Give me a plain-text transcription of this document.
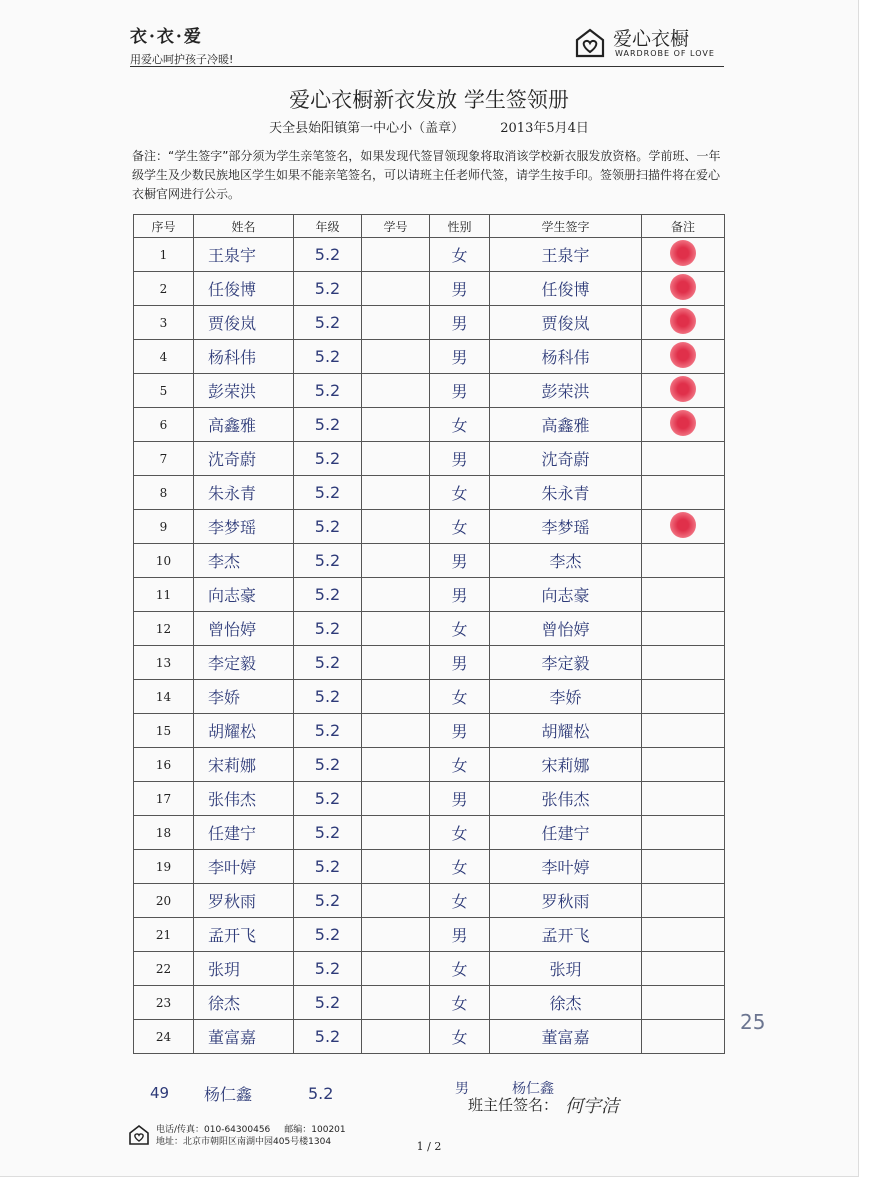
衣·衣·爱
用爱心呵护孩子冷暖!
爱心衣橱
WARDROBE OF LOVE
爱心衣橱新衣发放 学生签领册
天全县始阳镇第一中心小（盖章）	2013年5月4日
备注：“学生签字”部分须为学生亲笔签名，如果发现代签冒领现象将取消该学校新衣服发放资格。学前班、一年级学生及少数民族地区学生如果不能亲笔签名，可以请班主任老师代签，请学生按手印。签领册扫描件将在爱心衣橱官网进行公示。
序号	姓名	年级	学号	性别	学生签字	备注
1	王泉宇	5.2		女	王泉宇	
2	任俊博	5.2		男	任俊博	
3	贾俊岚	5.2		男	贾俊岚	
4	杨科伟	5.2		男	杨科伟	
5	彭荣洪	5.2		男	彭荣洪	
6	高鑫雅	5.2		女	高鑫雅	
7	沈奇蔚	5.2		男	沈奇蔚	
8	朱永青	5.2		女	朱永青	
9	李梦瑶	5.2		女	李梦瑶	
10	李杰	5.2		男	李杰	
11	向志豪	5.2		男	向志豪	
12	曾怡婷	5.2		女	曾怡婷	
13	李定毅	5.2		男	李定毅	
14	李娇	5.2		女	李娇	
15	胡耀松	5.2		男	胡耀松	
16	宋莉娜	5.2		女	宋莉娜	
17	张伟杰	5.2		男	张伟杰	
18	任建宁	5.2		女	任建宁	
19	李叶婷	5.2		女	李叶婷	
20	罗秋雨	5.2		女	罗秋雨	
21	孟开飞	5.2		男	孟开飞	
22	张玥	5.2		女	张玥	
23	徐杰	5.2		女	徐杰	
24	董富嘉	5.2		女	董富嘉	
49 杨仁鑫	5.2	男	杨仁鑫
班主任签名： 何宇洁
25
电话/传真：010-64300456 邮编：100201
地址：北京市朝阳区南湖中园405号楼1304	1 / 2
